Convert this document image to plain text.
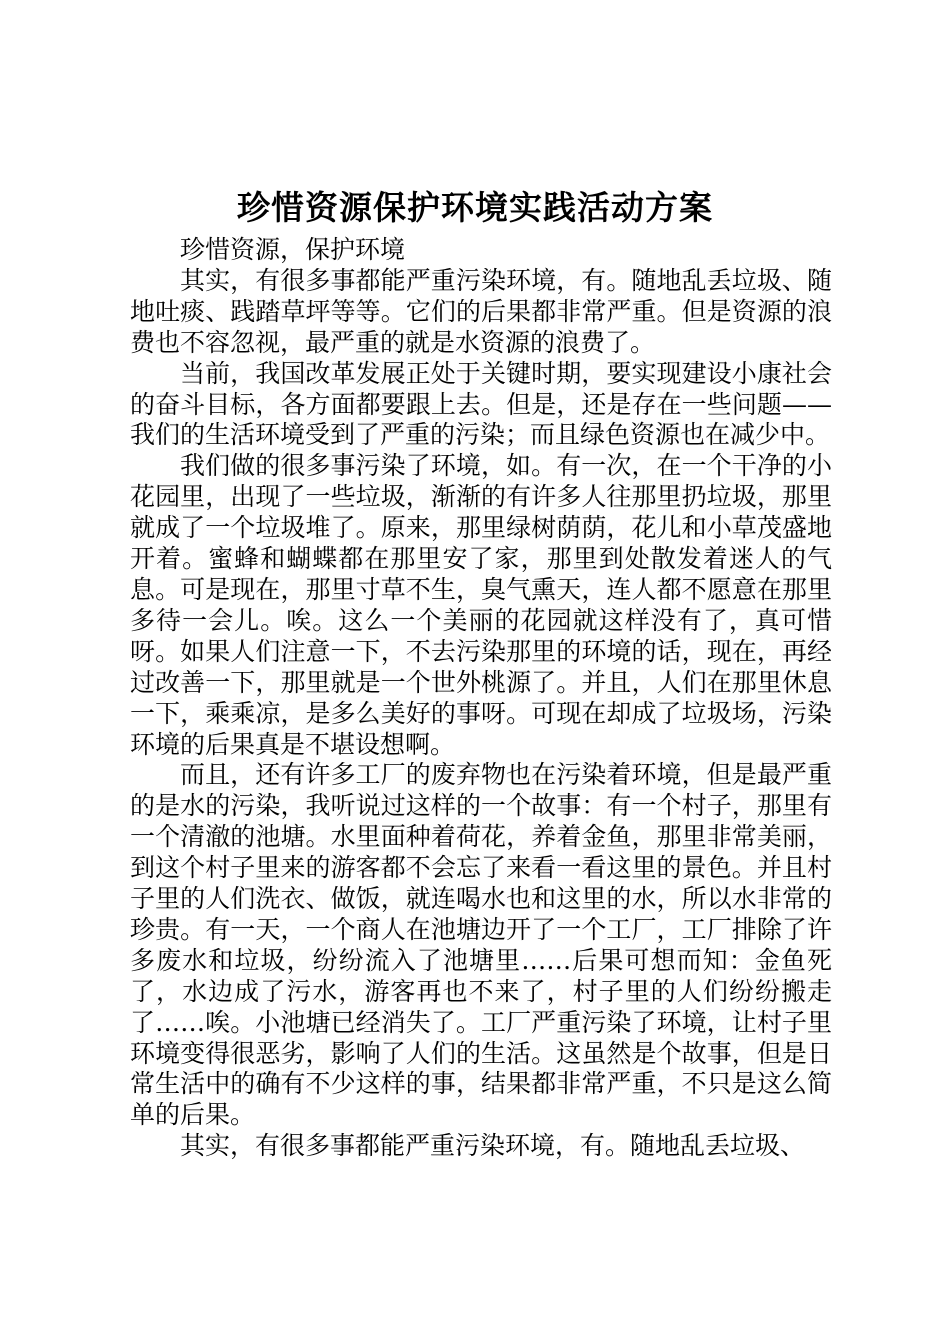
珍惜资源保护环境实践活动方案

珍惜资源，保护环境

其实，有很多事都能严重污染环境，有。随地乱丢垃圾、随地吐痰、践踏草坪等等。它们的后果都非常严重。但是资源的浪费也不容忽视，最严重的就是水资源的浪费了。

当前，我国改革发展正处于关键时期，要实现建设小康社会的奋斗目标，各方面都要跟上去。但是，还是存在一些问题——我们的生活环境受到了严重的污染；而且绿色资源也在减少中。

我们做的很多事污染了环境，如。有一次，在一个干净的小花园里，出现了一些垃圾，渐渐的有许多人往那里扔垃圾，那里就成了一个垃圾堆了。原来，那里绿树荫荫，花儿和小草茂盛地开着。蜜蜂和蝴蝶都在那里安了家，那里到处散发着迷人的气息。可是现在，那里寸草不生，臭气熏天，连人都不愿意在那里多待一会儿。唉。这么一个美丽的花园就这样没有了，真可惜呀。如果人们注意一下，不去污染那里的环境的话，现在，再经过改善一下，那里就是一个世外桃源了。并且，人们在那里休息一下，乘乘凉，是多么美好的事呀。可现在却成了垃圾场，污染环境的后果真是不堪设想啊。

而且，还有许多工厂的废弃物也在污染着环境，但是最严重的是水的污染，我听说过这样的一个故事：有一个村子，那里有一个清澈的池塘。水里面种着荷花，养着金鱼，那里非常美丽，到这个村子里来的游客都不会忘了来看一看这里的景色。并且村子里的人们洗衣、做饭，就连喝水也和这里的水，所以水非常的珍贵。有一天，一个商人在池塘边开了一个工厂，工厂排除了许多废水和垃圾，纷纷流入了池塘里……后果可想而知：金鱼死了，水边成了污水，游客再也不来了，村子里的人们纷纷搬走了……唉。小池塘已经消失了。工厂严重污染了环境，让村子里环境变得很恶劣，影响了人们的生活。这虽然是个故事，但是日常生活中的确有不少这样的事，结果都非常严重，不只是这么简单的后果。

其实，有很多事都能严重污染环境，有。随地乱丢垃圾、
